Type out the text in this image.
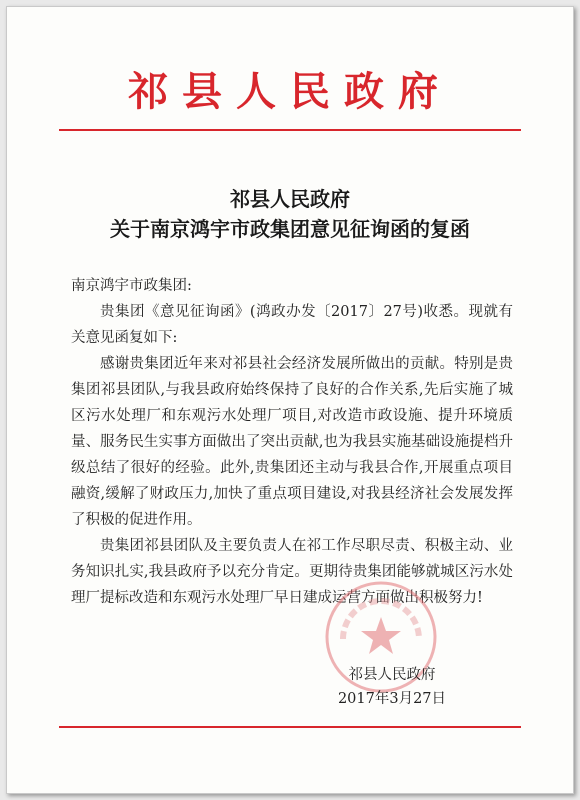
祁县人民政府
祁县人民政府
关于南京鸿宇市政集团意见征询函的复函

南京鸿宇市政集团:

贵集团《意见征询函》(鸿政办发〔2017〕27号)收悉。现就有关意见函复如下:

感谢贵集团近年来对祁县社会经济发展所做出的贡献。特别是贵集团祁县团队,与我县政府始终保持了良好的合作关系,先后实施了城区污水处理厂和东观污水处理厂项目,对改造市政设施、提升环境质量、服务民生实事方面做出了突出贡献,也为我县实施基础设施提档升级总结了很好的经验。此外,贵集团还主动与我县合作,开展重点项目融资,缓解了财政压力,加快了重点项目建设,对我县经济社会发展发挥了积极的促进作用。

贵集团祁县团队及主要负责人在祁工作尽职尽责、积极主动、业务知识扎实,我县政府予以充分肯定。更期待贵集团能够就城区污水处理厂提标改造和东观污水处理厂早日建成运营方面做出积极努力!

祁县人民政府
2017年3月27日
